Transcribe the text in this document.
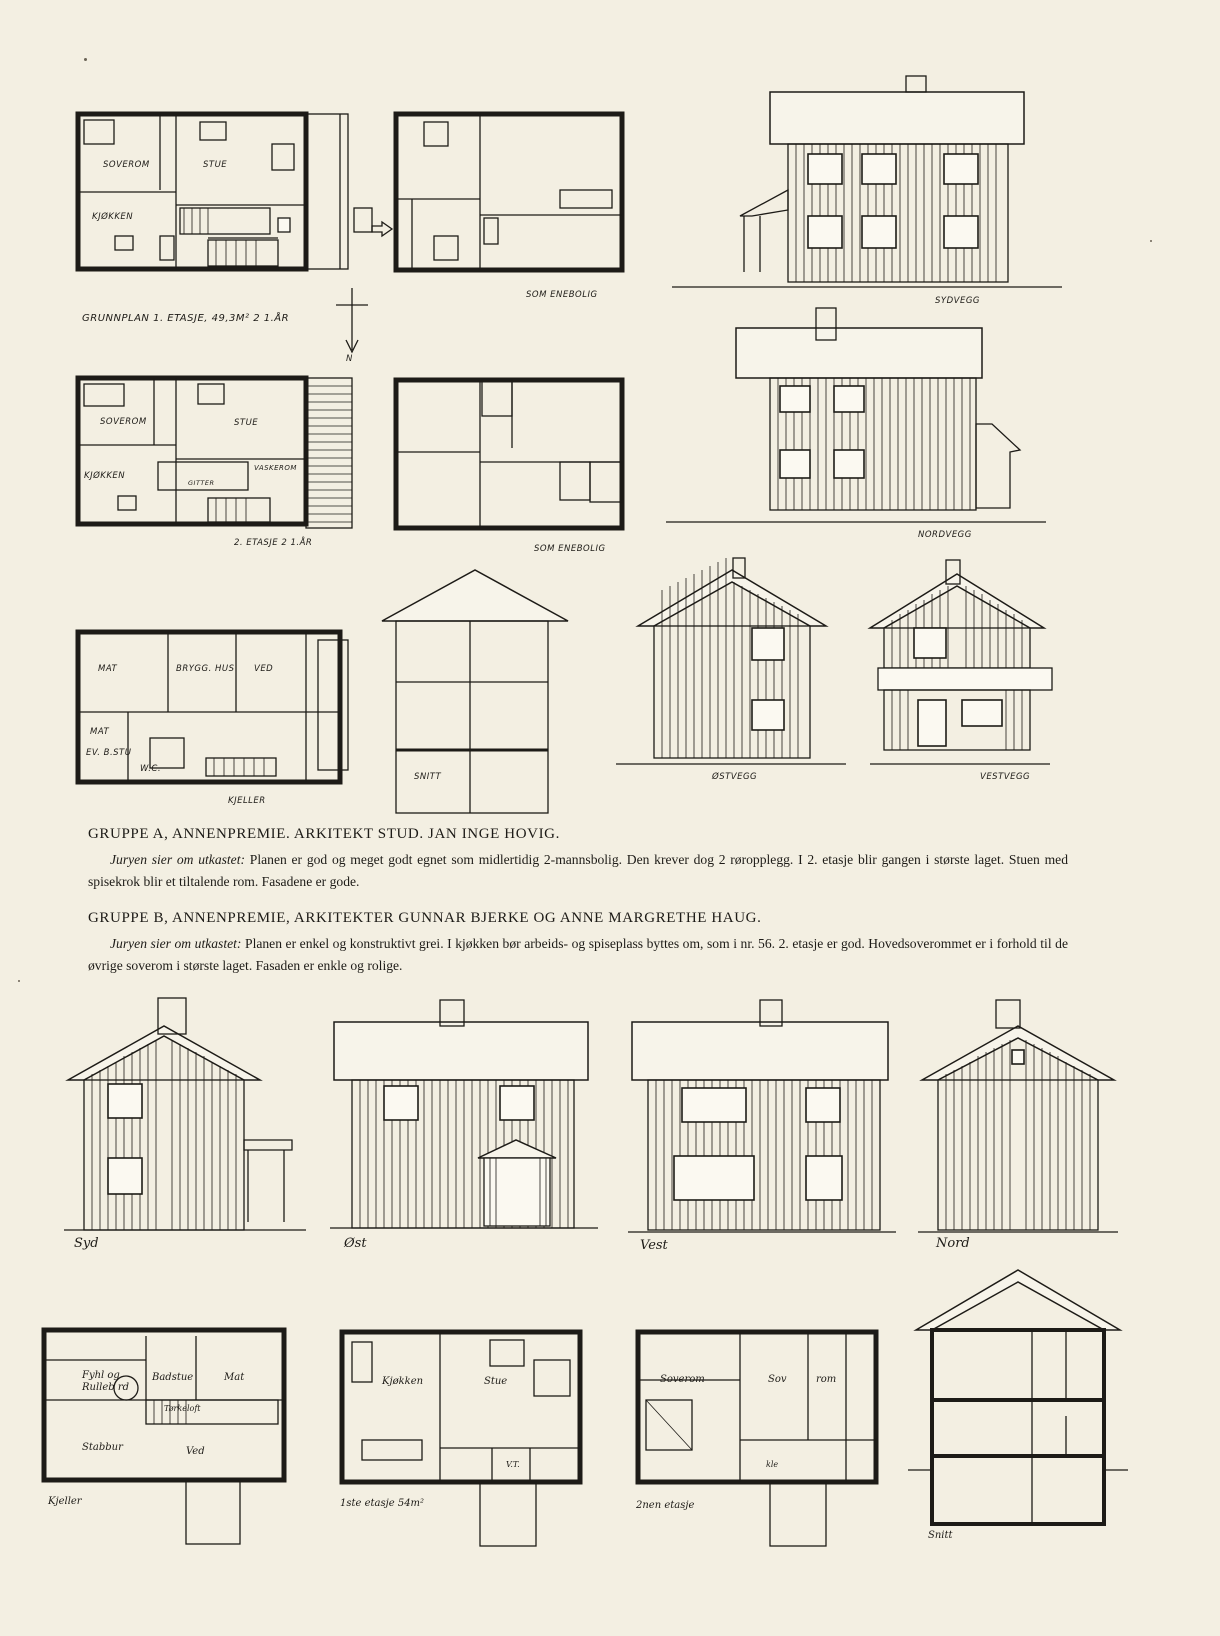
SOVEROM	STUE
KJØKKEN
SOM ENEBOLIG
SYDVEGG
GRUNNPLAN 1. ETASJE, 49,3M² 2 1.ÅR
N
SOVEROM	STUE
KJØKKEN
GITTER
VASKEROM
2. ETASJE 2 1.ÅR
SOM ENEBOLIG
NORDVEGG
MAT	BRYGG. HUS VED
MAT
EV. B.STU
W.C.
SNITT
KJELLER
ØSTVEGG	VESTVEGG
GRUPPE A, ANNENPREMIE. ARKITEKT STUD. JAN INGE HOVIG.
Juryen sier om utkastet: Planen er god og meget godt egnet som midlertidig 2-mannsbolig. Den krever dog 2 røropplegg. I 2. etasje blir gangen i største laget. Stuen med spisekrok blir et tiltalende rom. Fasadene er gode.
GRUPPE B, ANNENPREMIE, ARKITEKTER GUNNAR BJERKE OG ANNE MARGRETHE HAUG.
Juryen sier om utkastet: Planen er enkel og konstruktivt grei. I kjøkken bør arbeids- og spiseplass byttes om, som i nr. 56. 2. etasje er god. Hovedsoverommet er i forhold til de øvrige soverom i største laget. Fasaden er enkle og rolige.
Syd	Øst	Vest	Nord
Fyhl og Rulleb rd
Badstue	Mat
Tørkeloft
Stabbur	Ved
Kjøkken	Stue
V.T.
Soverom	Sov	rom
kle
Kjeller	1ste etasje 54m²	2nen etasje
Snitt
